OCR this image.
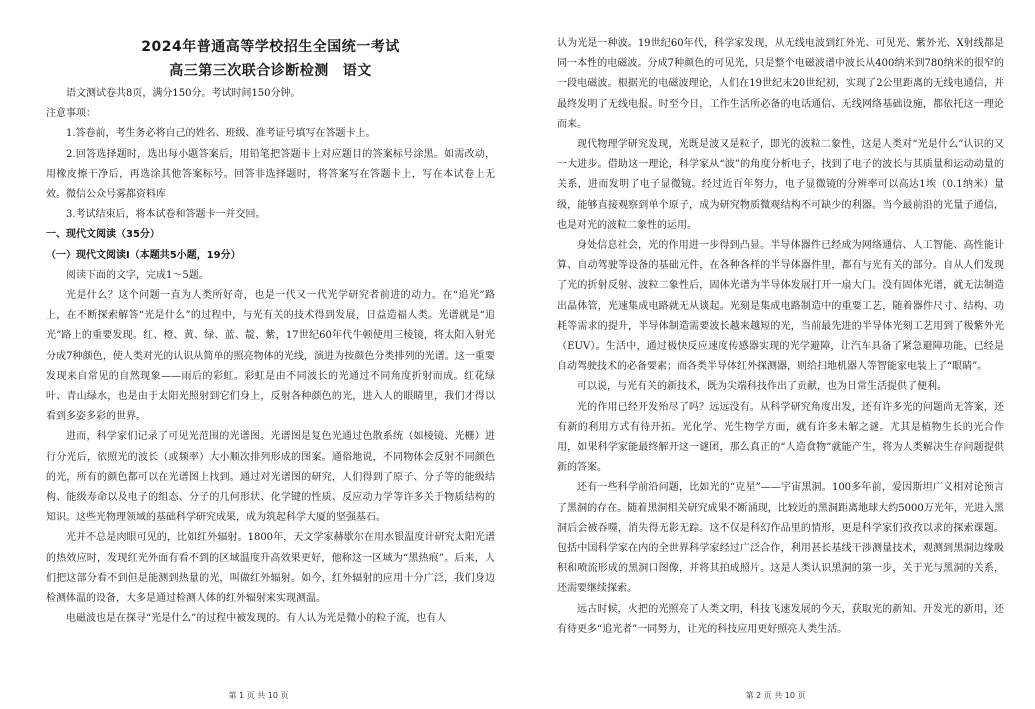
2024年普通高等学校招生全国统一考试

高三第三次联合诊断检测 语文

语文测试卷共8页，满分150分。考试时间150分钟。

注意事项：

1.答卷前，考生务必将自己的姓名、班级、准考证号填写在答题卡上。

2.回答选择题时，选出每小题答案后，用铅笔把答题卡上对应题目的答案标号涂黑。如需改动，用橡皮擦干净后，再选涂其他答案标号。回答非选择题时，将答案写在答题卡上，写在本试卷上无效。微信公众号雾都资料库

3.考试结束后，将本试卷和答题卡一并交回。

一、现代文阅读（35分）

（一）现代文阅读Ⅰ（本题共5小题，19分）

阅读下面的文字，完成1～5题。

光是什么？这个问题一直为人类所好奇，也是一代又一代光学研究者前进的动力。在“追光”路上，在不断探索解答“光是什么”的过程中，与光有关的技术得到发展，日益造福人类。光谱就是“追光”路上的重要发现。红、橙、黄、绿、蓝、靛、紫，17世纪60年代牛顿使用三棱镜，将太阳入射光分成7种颜色，使人类对光的认识从简单的照亮物体的光线，演进为按颜色分类排列的光谱。这一重要发现来自常见的自然现象——雨后的彩虹。彩虹是由不同波长的光通过不同角度折射而成。红花绿叶、青山绿水，也是由于太阳光照射到它们身上，反射各种颜色的光，进入人的眼睛里，我们才得以看到多姿多彩的世界。

进而，科学家们记录了可见光范围的光谱图。光谱图是复色光通过色散系统（如棱镜、光栅）进行分光后，依照光的波长（或频率）大小顺次排列形成的图案。通俗地说，不同物体会反射不同颜色的光，所有的颜色都可以在光谱图上找到。通过对光谱图的研究，人们得到了原子、分子等的能级结构、能级寿命以及电子的组态、分子的几何形状、化学键的性质、反应动力学等许多关于物质结构的知识。这些光物理领域的基础科学研究成果，成为筑起科学大厦的坚强基石。

光并不总是肉眼可见的，比如红外辐射。1800年，天文学家赫歇尔在用水银温度计研究太阳光谱的热效应时，发现红光外面有看不到的区域温度升高效果更好，他称这一区域为“黑热痕”。后来，人们把这部分看不到但是能测到热量的光，叫做红外辐射。如今，红外辐射的应用十分广泛，我们身边检测体温的设备，大多是通过检测人体的红外辐射来实现测温。

电磁波也是在探寻“光是什么”的过程中被发现的。有人认为光是微小的粒子流，也有人

第 1 页 共 10 页

认为光是一种波。19世纪60年代，科学家发现，从无线电波到红外光、可见光、紫外光、X射线都是同一本性的电磁波。分成7种颜色的可见光，只是整个电磁波谱中波长从400纳米到780纳米的很窄的一段电磁波。根据光的电磁波理论，人们在19世纪末20世纪初，实现了2公里距离的无线电通信，并最终发明了无线电报。时至今日，工作生活所必备的电话通信、无线网络基础设施，都依托这一理论而来。

现代物理学研究发现，光既是波又是粒子，即光的波粒二象性，这是人类对“光是什么”认识的又一大进步。借助这一理论，科学家从“波”的角度分析电子，找到了电子的波长与其质量和运动动量的关系，进而发明了电子显微镜。经过近百年努力，电子显微镜的分辨率可以高达1埃（0.1纳米）量级，能够直接观察到单个原子，成为研究物质微观结构不可缺少的利器。当今最前沿的光量子通信，也是对光的波粒二象性的运用。

身处信息社会，光的作用进一步得到凸显。半导体器件已经成为网络通信、人工智能、高性能计算、自动驾驶等设备的基础元件，在各种各样的半导体器件里，都有与光有关的部分。自从人们发现了光的折射反射、波粒二象性后，固体光谱为半导体发展打开一扇大门。没有固体光谱，就无法制造出晶体管，光速集成电路就无从谈起。光刻是集成电路制造中的重要工艺，随着器件尺寸、结构、功耗等需求的提升，半导体制造需要波长越来越短的光，当前最先进的半导体光刻工艺用到了极紫外光（EUV）。生活中，通过极快反应速度传感器实现的光学避障，让汽车具备了紧急避障功能，已经是自动驾驶技术的必备要素；而各类半导体红外探测器，则给扫地机器人等智能家电装上了“眼睛”。

可以说，与光有关的新技术，既为尖端科技作出了贡献，也为日常生活提供了便利。

光的作用已经开发殆尽了吗？远远没有。从科学研究角度出发，还有许多光的问题尚无答案，还有新的利用方式有待开拓。光化学、光生物学方面，就有许多未解之谜。尤其是植物生长的光合作用，如果科学家能最终解开这一谜团，那么真正的“人造食物”就能产生，将为人类解决生存问题提供新的答案。

还有一些科学前沿问题，比如光的“克星”——宇宙黑洞。100多年前，爱因斯坦广义相对论预言了黑洞的存在。随着黑洞相关研究成果不断涌现，比较近的黑洞距离地球大约5000万光年，光进入黑洞后会被吞噬，消失得无影无踪。这不仅是科幻作品里的情形，更是科学家们孜孜以求的探索课题。包括中国科学家在内的全世界科学家经过广泛合作，利用甚长基线干涉测量技术，观测到黑洞边缘吸积和喷流形成的黑洞口图像，并将其拍成照片。这是人类认识黑洞的第一步，关于光与黑洞的关系，还需要继续探索。

远古时候，火把的光照亮了人类文明，科技飞速发展的今天，获取光的新知、开发光的新用，还有待更多“追光者”一同努力，让光的科技应用更好照亮人类生活。

第 2 页 共 10 页
